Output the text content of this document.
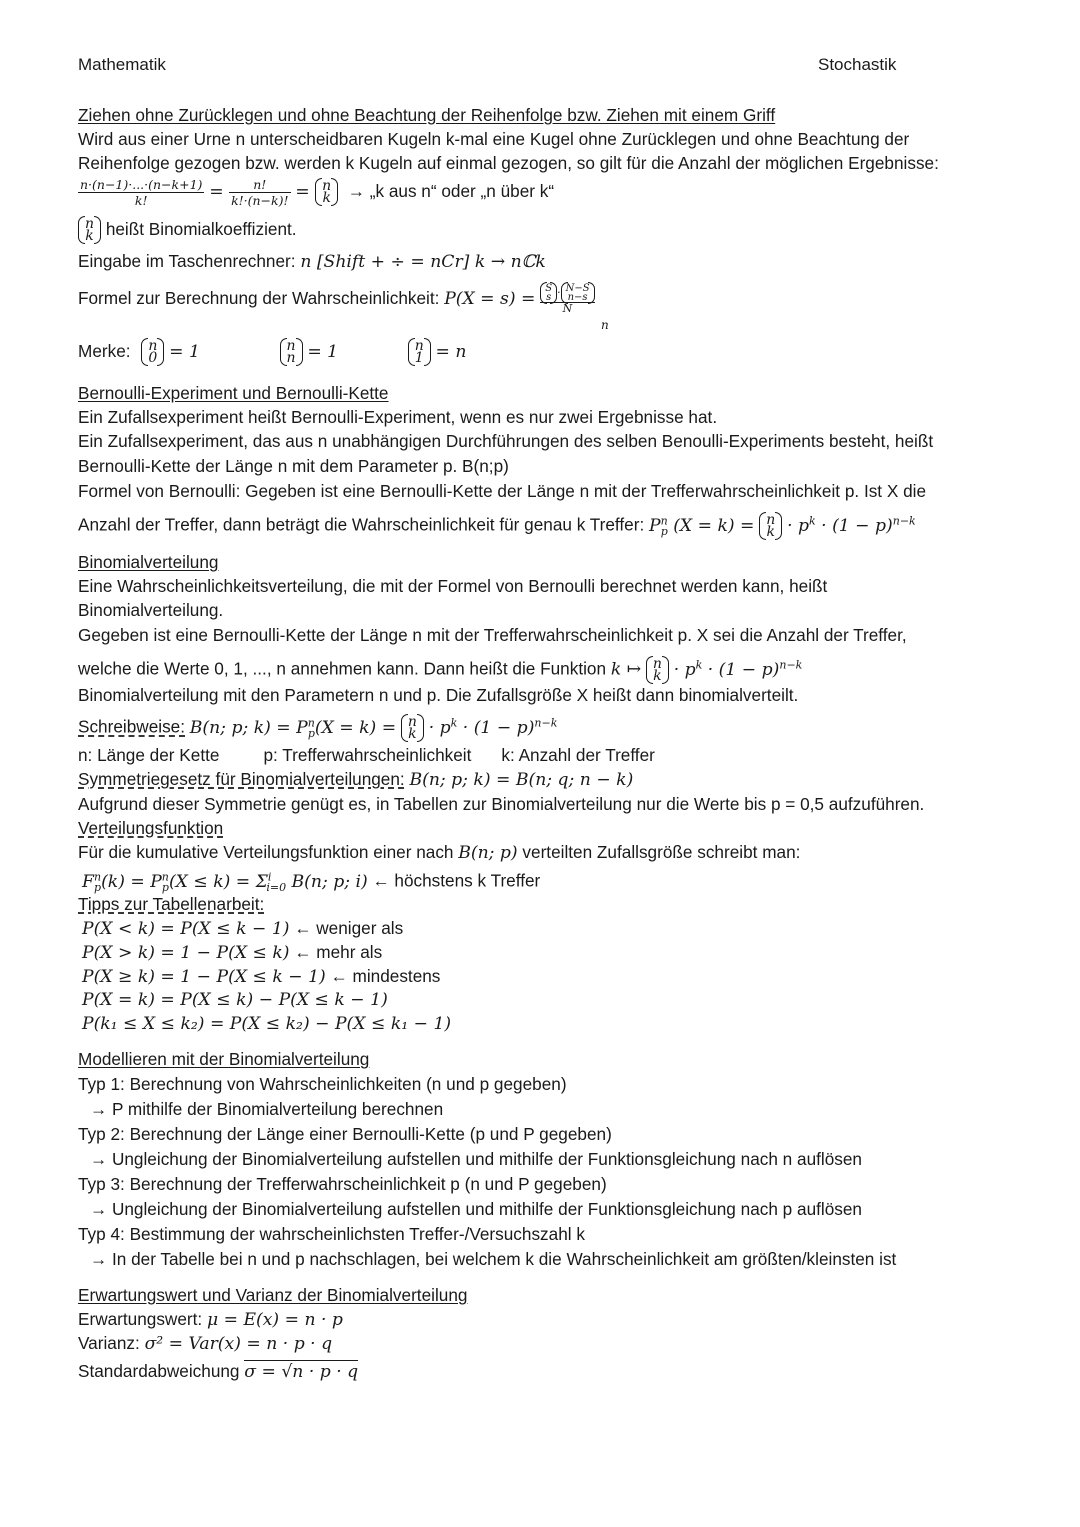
Mathematik	Stochastik
Ziehen ohne Zurücklegen und ohne Beachtung der Reihenfolge bzw. Ziehen mit einem Griff
Wird aus einer Urne n unterscheidbaren Kugeln k-mal eine Kugel ohne Zurücklegen und ohne Beachtung der
Reihenfolge gezogen bzw. werden k Kugeln auf einmal gezogen, so gilt für die Anzahl der möglichen Ergebnisse:
$\frac{n\cdot(n-1)\cdot...\cdot(n-k+1)}{k!} = \frac{n!}{k!\cdot(n-k)!} = n$
k → „k aus n“ oder „n über k“
n
k heißt Binomialkoeffizient.
Eingabe im Taschenrechner: n [Shift + ÷ = nCr] k → nℂk
Formel zur Berechnung der Wahrscheinlichkeit: P(X = s) = S
s · N−S
n−s
N
n
Merke: n
0 = 1	n
n = 1	n
1 = n
Bernoulli-Experiment und Bernoulli-Kette
Ein Zufallsexperiment heißt Bernoulli-Experiment, wenn es nur zwei Ergebnisse hat.
Ein Zufallsexperiment, das aus n unabhängigen Durchführungen des selben Benoulli-Experiments besteht, heißt
Bernoulli-Kette der Länge n mit dem Parameter p. B(n;p)
Formel von Bernoulli: Gegeben ist eine Bernoulli-Kette der Länge n mit der Trefferwahrscheinlichkeit p. Ist X die
Anzahl der Treffer, dann beträgt die Wahrscheinlichkeit für genau k Treffer: $P^n_p$ (X = k) = n
$k \cdot p^k \cdot (1 - p)^{n-k}$
Binomialverteilung
Eine Wahrscheinlichkeitsverteilung, die mit der Formel von Bernoulli berechnet werden kann, heißt
Binomialverteilung.
Gegeben ist eine Bernoulli-Kette der Länge n mit der Trefferwahrscheinlichkeit p. X sei die Anzahl der Treffer,
welche die Werte 0, 1, ..., n annehmen kann. Dann heißt die Funktion k ↦ n
$k \cdot p^k \cdot (1 - p)^{n-k}$
Binomialverteilung mit den Parametern n und p. Die Zufallsgröße X heißt dann binomialverteilt.
Schreibweise: B(n; p; $k) = P^n_p(X = k) = n$
$k \cdot p^k \cdot (1 - p)^{n-k}$
n: Länge der Kette	p: Trefferwahrscheinlichkeit k: Anzahl der Treffer
Symmetriegesetz für Binomialverteilungen: B(n; p; k) = B(n; q; n − k)
Aufgrund dieser Symmetrie genügt es, in Tabellen zur Binomialverteilung nur die Werte bis p = 0,5 aufzuführen.
Verteilungsfunktion
Für die kumulative Verteilungsfunktion einer nach B(n; p) verteilten Zufallsgröße schreibt man:
$F^n_p(k) = P^n_p(X \le k) = \Sigma^i_{i=0}$ B(n; p; i) ← höchstens k Treffer
Tipps zur Tabellenarbeit:
P(X < k) = P(X ≤ k − 1) ← weniger als
P(X > k) = 1 − P(X ≤ k) ← mehr als
P(X ≥ k) = 1 − P(X ≤ k − 1) ← mindestens
P(X = k) = P(X ≤ k) − P(X ≤ k − 1)
P(k₁ ≤ X ≤ k₂) = P(X ≤ k₂) − P(X ≤ k₁ − 1)
Modellieren mit der Binomialverteilung
Typ 1: Berechnung von Wahrscheinlichkeiten (n und p gegeben)
→ P mithilfe der Binomialverteilung berechnen
Typ 2: Berechnung der Länge einer Bernoulli-Kette (p und P gegeben)
→ Ungleichung der Binomialverteilung aufstellen und mithilfe der Funktionsgleichung nach n auflösen
Typ 3: Berechnung der Trefferwahrscheinlichkeit p (n und P gegeben)
→ Ungleichung der Binomialverteilung aufstellen und mithilfe der Funktionsgleichung nach p auflösen
Typ 4: Bestimmung der wahrscheinlichsten Treffer-/Versuchszahl k
→ In der Tabelle bei n und p nachschlagen, bei welchem k die Wahrscheinlichkeit am größten/kleinsten ist
Erwartungswert und Varianz der Binomialverteilung
Erwartungswert: μ = E(x) = n · p
Varianz: σ² = Var(x) = n · p · q
Standardabweichung σ = √n · p · q
